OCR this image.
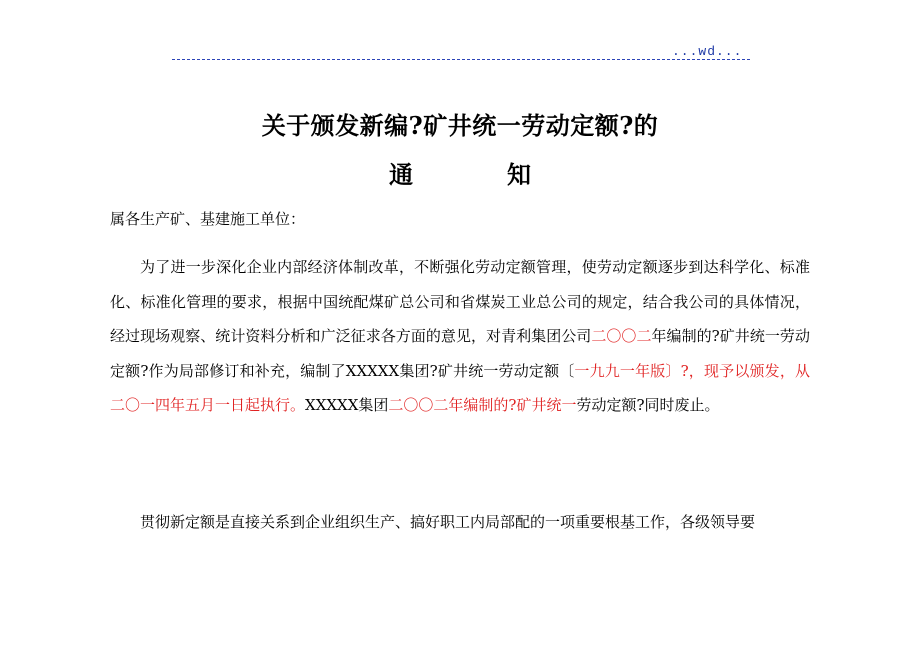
...wd...
关于颁发新编?矿井统一劳动定额?的
通	知
属各生产矿、基建施工单位：

为了进一步深化企业内部经济体制改革，不断强化劳动定额管理，使劳动定额逐步到达科学化、标准化、标准化管理的要求，根据中国统配煤矿总公司和省煤炭工业总公司的规定，结合我公司的具体情况，经过现场观察、统计资料分析和广泛征求各方面的意见，对青利集团公司二〇〇二年编制的?矿井统一劳动定额?作为局部修订和补充，编制了XXXXX集团?矿井统一劳动定额〔一九九一年版〕?，现予以颁发，从二〇一四年五月一日起执行。XXXXX集团二〇〇二年编制的?矿井统一劳动定额?同时废止。

贯彻新定额是直接关系到企业组织生产、搞好职工内局部配的一项重要根基工作，各级领导要
